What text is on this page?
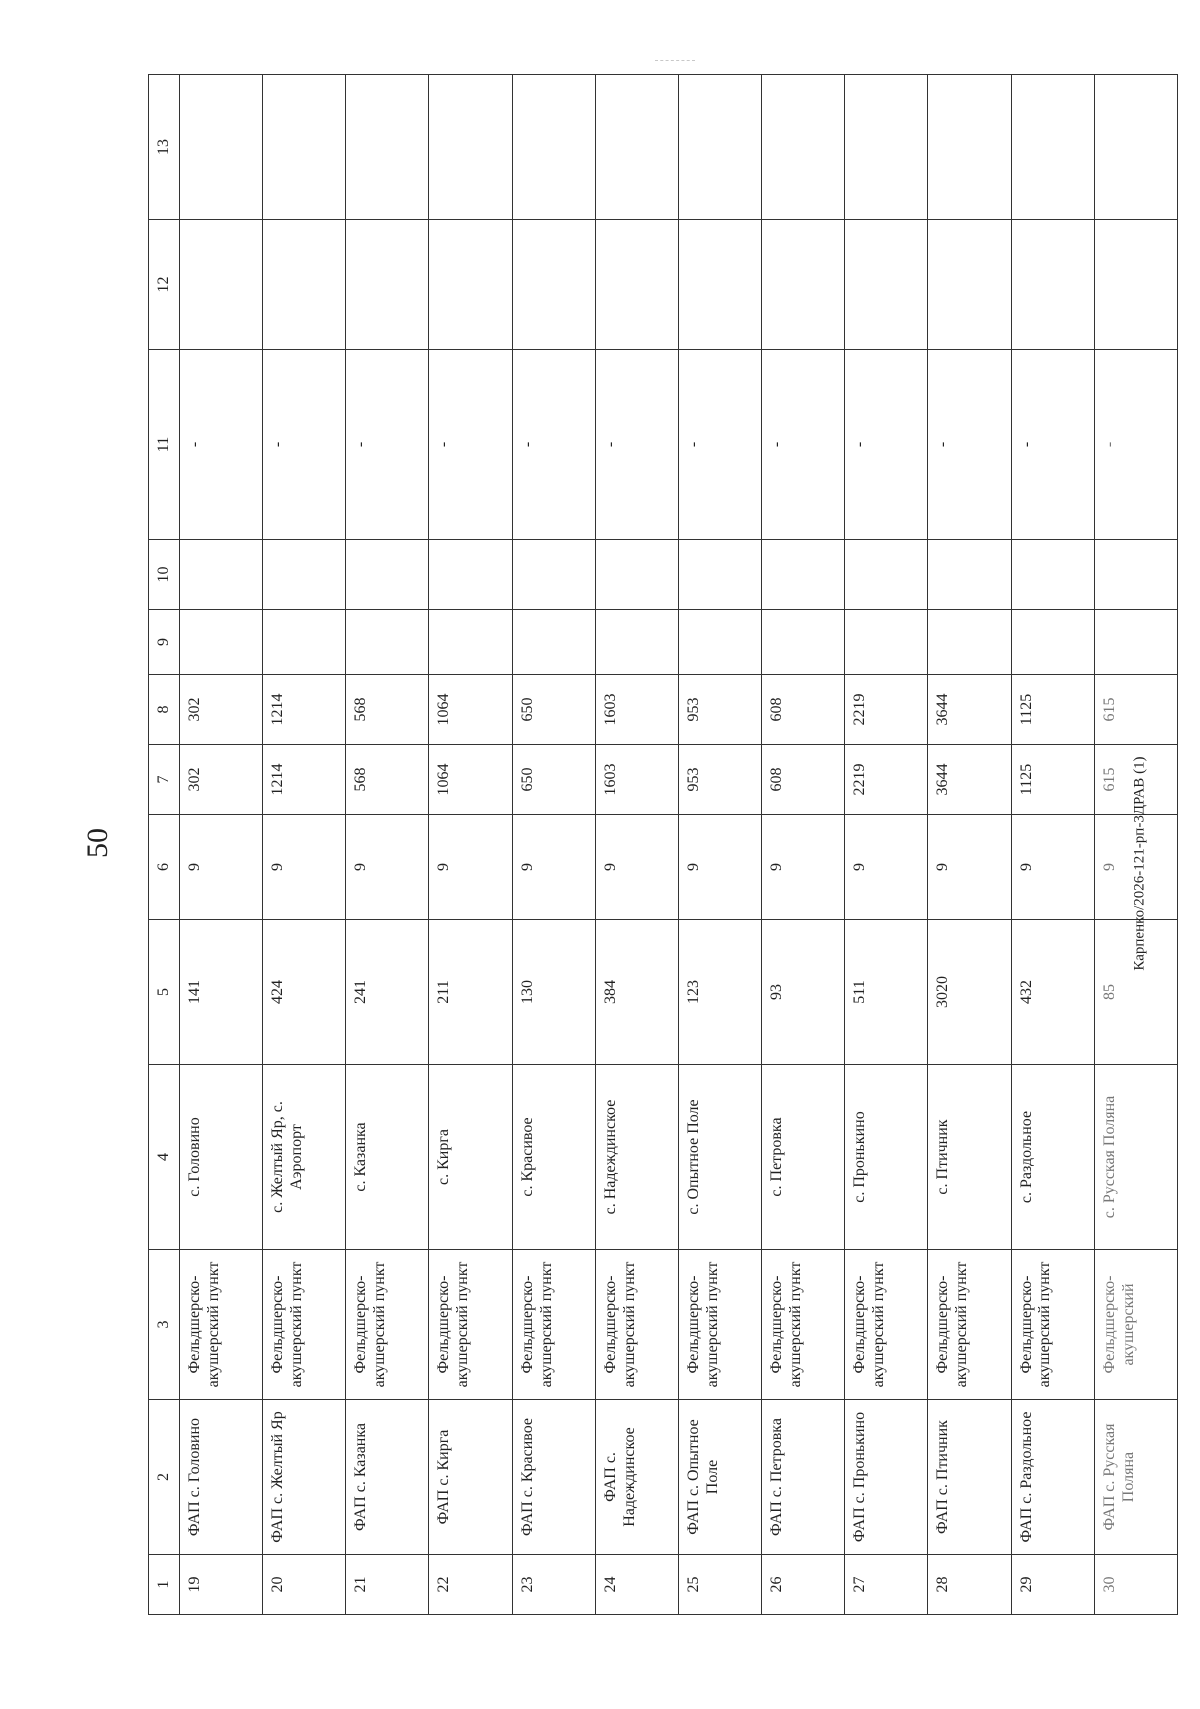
50
1	2	3	4	5	6	7	8	9	10	11	12	13
19	ФАП с. Головино	Фельдшерско-акушерский пункт	с. Головино	141	9	302	302			-		
20	ФАП с. Желтый Яр	Фельдшерско-акушерский пункт	с. Желтый Яр, с. Аэропорт	424	9	1214	1214			-		
21	ФАП с. Казанка	Фельдшерско-акушерский пункт	с. Казанка	241	9	568	568			-		
22	ФАП с. Кирга	Фельдшерско-акушерский пункт	с. Кирга	211	9	1064	1064			-		
23	ФАП с. Красивое	Фельдшерско-акушерский пункт	с. Красивое	130	9	650	650			-		
24	ФАП с. Надеждинское	Фельдшерско-акушерский пункт	с. Надеждинское	384	9	1603	1603			-		
25	ФАП с. Опытное Поле	Фельдшерско-акушерский пункт	с. Опытное Поле	123	9	953	953			-		
26	ФАП с. Петровка	Фельдшерско-акушерский пункт	с. Петровка	93	9	608	608			-		
27	ФАП с. Пронькино	Фельдшерско-акушерский пункт	с. Пронькино	511	9	2219	2219			-		
28	ФАП с. Птичник	Фельдшерско-акушерский пункт	с. Птичник	3020	9	3644	3644			-		
29	ФАП с. Раздольное	Фельдшерско-акушерский пункт	с. Раздольное	432	9	1125	1125			-		
30	ФАП с. Русская Поляна	Фельдшерско-акушерский	с. Русская Поляна	85	9	615	615			-		
Карпенко/2026-121-рп-3ДРАВ (1)
